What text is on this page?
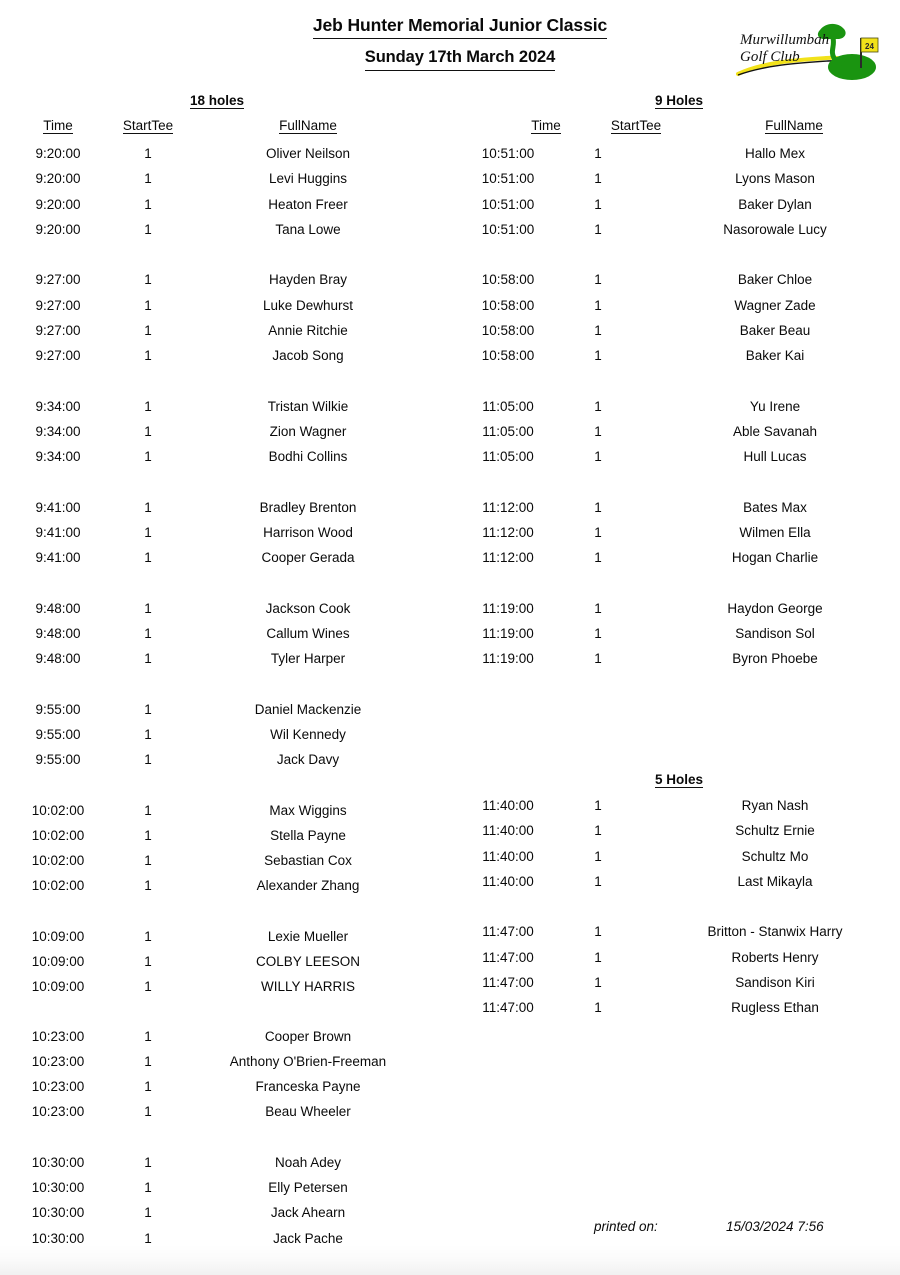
Jeb Hunter Memorial Junior Classic
Sunday 17th March 2024
24
Murwillumbah
Golf Club
18 holes
Time	StartTee	FullName
9:20:00	1	Oliver Neilson
9:20:00	1	Levi Huggins
9:20:00	1	Heaton Freer
9:20:00	1	Tana Lowe
9:27:00	1	Hayden Bray
9:27:00	1	Luke Dewhurst
9:27:00	1	Annie Ritchie
9:27:00	1	Jacob Song
9:34:00	1	Tristan Wilkie
9:34:00	1	Zion Wagner
9:34:00	1	Bodhi Collins
9:41:00	1	Bradley Brenton
9:41:00	1	Harrison Wood
9:41:00	1	Cooper Gerada
9:48:00	1	Jackson Cook
9:48:00	1	Callum Wines
9:48:00	1	Tyler Harper
9:55:00	1	Daniel Mackenzie
9:55:00	1	Wil Kennedy
9:55:00	1	Jack Davy
10:02:00	1	Max Wiggins
10:02:00	1	Stella Payne
10:02:00	1	Sebastian Cox
10:02:00	1	Alexander Zhang
10:09:00	1	Lexie Mueller
10:09:00	1	COLBY LEESON
10:09:00	1	WILLY HARRIS
10:23:00	1	Cooper Brown
10:23:00	1	Anthony O'Brien-Freeman
10:23:00	1	Franceska Payne
10:23:00	1	Beau Wheeler
10:30:00	1	Noah Adey
10:30:00	1	Elly Petersen
10:30:00	1	Jack Ahearn
10:30:00	1	Jack Pache
9 Holes
5 Holes
Time	StartTee	FullName
10:51:00	1	Hallo Mex
10:51:00	1	Lyons Mason
10:51:00	1	Baker Dylan
10:51:00	1	Nasorowale Lucy
10:58:00	1	Baker Chloe
10:58:00	1	Wagner Zade
10:58:00	1	Baker Beau
10:58:00	1	Baker Kai
11:05:00	1	Yu Irene
11:05:00	1	Able Savanah
11:05:00	1	Hull Lucas
11:12:00	1	Bates Max
11:12:00	1	Wilmen Ella
11:12:00	1	Hogan Charlie
11:19:00	1	Haydon George
11:19:00	1	Sandison Sol
11:19:00	1	Byron Phoebe
11:40:00	1	Ryan Nash
11:40:00	1	Schultz Ernie
11:40:00	1	Schultz Mo
11:40:00	1	Last Mikayla
11:47:00	1	Britton - Stanwix Harry
11:47:00	1	Roberts Henry
11:47:00	1	Sandison Kiri
11:47:00	1	Rugless Ethan
printed on:	15/03/2024 7:56
